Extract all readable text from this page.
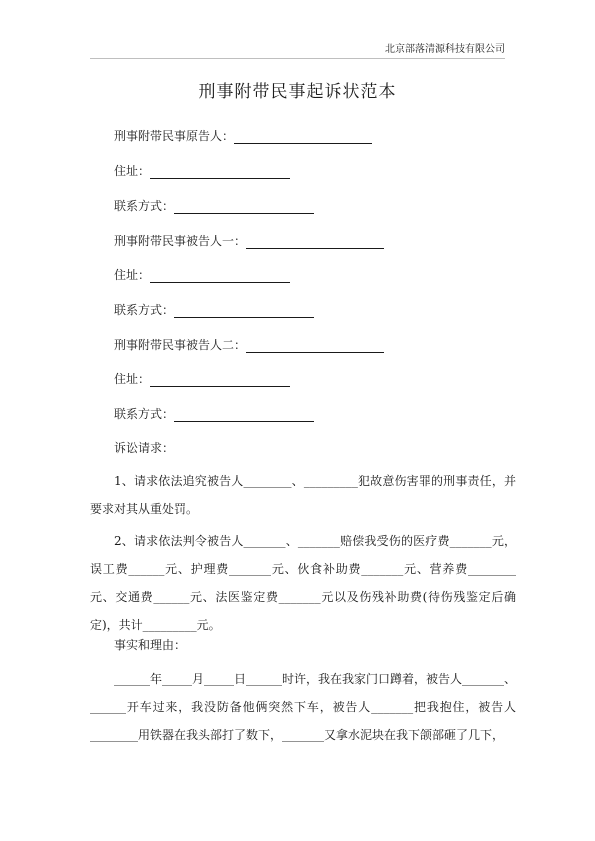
北京部落清源科技有限公司
刑事附带民事起诉状范本
刑事附带民事原告人：
住址：
联系方式：
刑事附带民事被告人一：
住址：
联系方式：
刑事附带民事被告人二：
住址：
联系方式：
诉讼请求：
1、请求依法追究被告人________、_________犯故意伤害罪的刑事责任，并要求对其从重处罚。
2、请求依法判令被告人_______、_______赔偿我受伤的医疗费_______元，误工费______元、护理费_______元、伙食补助费_______元、营养费________元、交通费______元、法医鉴定费_______元以及伤残补助费(待伤残鉴定后确定)，共计_________元。
事实和理由：
______年_____月_____日______时许，我在我家门口蹲着，被告人_______、______开车过来，我没防备他俩突然下车，被告人_______把我抱住，被告人________用铁器在我头部打了数下，_______又拿水泥块在我下颌部砸了几下，
